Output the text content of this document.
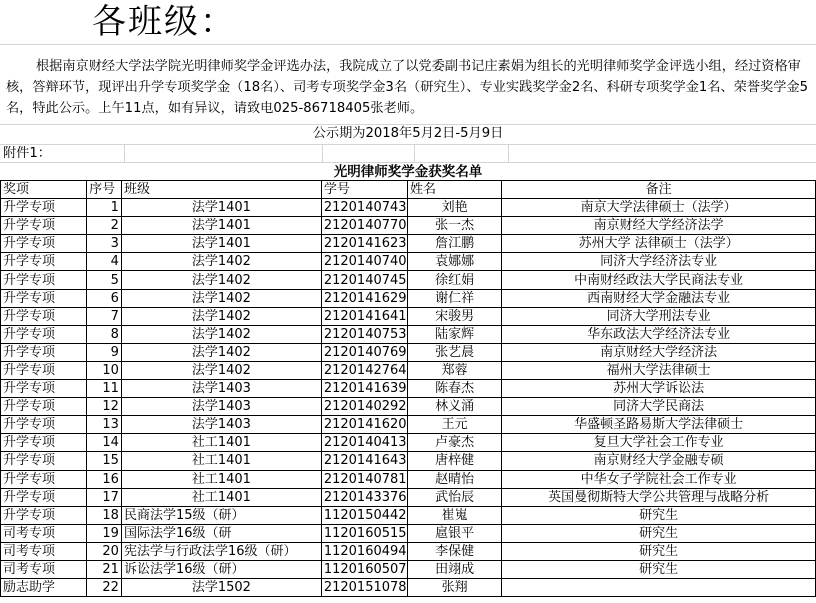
各班级：
根据南京财经大学法学院光明律师奖学金评选办法，我院成立了以党委副书记庄素娟为组长的光明律师奖学金评选小组，经过资格审核，答辩环节，现评出升学专项奖学金（18名）、司考专项奖学金3名（研究生）、专业实践奖学金2名、科研专项奖学金1名、荣誉奖学金5名，特此公示。上午11点，如有异议，请致电025-86718405张老师。
公示期为2018年5月2日-5月9日
附件1：
光明律师奖学金获奖名单
奖项	序号	班级	学号	姓名	备注
升学专项	1	法学1401	2120140743	刘艳	南京大学法律硕士（法学）
升学专项	2	法学1401	2120140770	张一杰	南京财经大学经济法学
升学专项	3	法学1401	2120141623	詹江鹏	苏州大学 法律硕士（法学）
升学专项	4	法学1402	2120140740	袁娜娜	同济大学经济法专业
升学专项	5	法学1402	2120140745	徐红娟	中南财经政法大学民商法专业
升学专项	6	法学1402	2120141629	谢仁祥	西南财经大学金融法专业
升学专项	7	法学1402	2120141641	宋骏男	同济大学刑法专业
升学专项	8	法学1402	2120140753	陆家辉	华东政法大学经济法专业
升学专项	9	法学1402	2120140769	张艺晨	南京财经大学经济法
升学专项	10	法学1402	2120142764	郑蓉	福州大学法律硕士
升学专项	11	法学1403	2120141639	陈春杰	苏州大学诉讼法
升学专项	12	法学1403	2120140292	林义涌	同济大学民商法
升学专项	13	法学1403	2120141620	王元	华盛顿圣路易斯大学法律硕士
升学专项	14	社工1401	2120140413	卢豪杰	复旦大学社会工作专业
升学专项	15	社工1401	2120141643	唐梓健	南京财经大学金融专硕
升学专项	16	社工1401	2120140781	赵晴怡	中华女子学院社会工作专业
升学专项	17	社工1401	2120143376	武怡辰	英国曼彻斯特大学公共管理与战略分析
升学专项	18	民商法学15级（研）	1120150442	崔嵬	研究生
司考专项	19	国际法学16级（研	1120160515	扈银平	研究生
司考专项	20	宪法学与行政法学16级（研）	1120160494	李保健	研究生
司考专项	21	诉讼法学16级（研）	1120160507	田翊成	研究生
励志助学	22	法学1502	2120151078	张翔	
